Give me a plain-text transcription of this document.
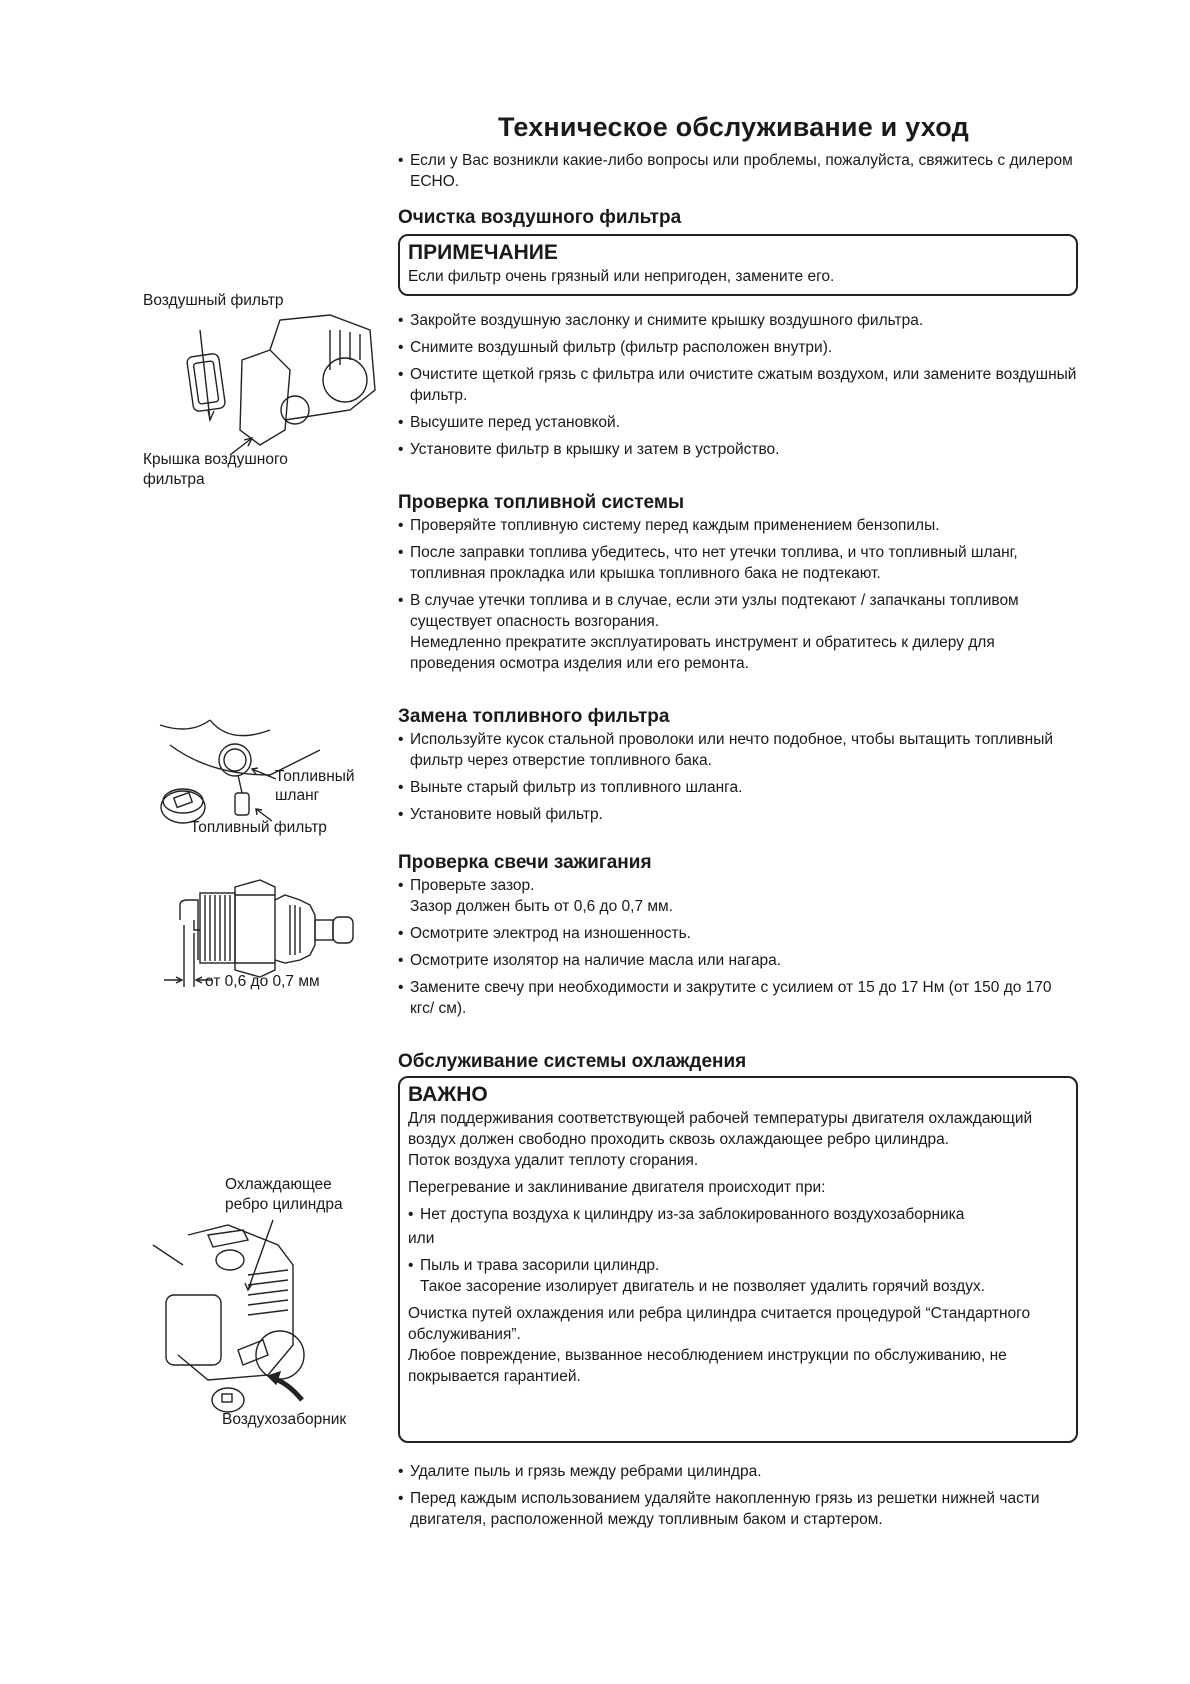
Техническое обслуживание и уход

• Если у Вас возникли какие-либо вопросы или проблемы, пожалуйста, свяжитесь с дилером ECHO.

Очистка воздушного фильтра

ПРИМЕЧАНИЕ

Если фильтр очень грязный или непригоден, замените его.

• Закройте воздушную заслонку и снимите крышку воздушного фильтра.

• Снимите воздушный фильтр (фильтр расположен внутри).

• Очистите щеткой грязь с фильтра или очистите сжатым воздухом, или замените воздушный фильтр.

• Высушите перед установкой.

• Установите фильтр в крышку и затем в устройство.

Воздушный фильтр
Крышка воздушного фильтра
Проверка топливной системы

• Проверяйте топливную систему перед каждым применением бензопилы.

• После заправки топлива убедитесь, что нет утечки топлива, и что топливный шланг, топливная прокладка или крышка топливного бака не подтекают.

• В случае утечки топлива и в случае, если эти узлы подтекают / запачканы топливом существует опасность возгорания.

Немедленно прекратите эксплуатировать инструмент и обратитесь к дилеру для проведения осмотра изделия или его ремонта.

Замена топливного фильтра

• Используйте кусок стальной проволоки или нечто подобное, чтобы вытащить топливный фильтр через отверстие топливного бака.

• Выньте старый фильтр из топливного шланга.

• Установите новый фильтр.

Топливный
шланг
Топливный фильтр
Проверка свечи зажигания

• Проверьте зазор.

Зазор должен быть от 0,6 до 0,7 мм.

• Осмотрите электрод на изношенность.

• Осмотрите изолятор на наличие масла или нагара.

• Замените свечу при необходимости и закрутите с усилием от 15 до 17 Нм (от 150 до 170 кгс/ см).

от 0,6 до 0,7 мм
Обслуживание системы охлаждения

ВАЖНО

Для поддерживания соответствующей рабочей температуры двигателя охлаждающий воздух должен свободно проходить сквозь охлаждающее ребро цилиндра.

Поток воздуха удалит теплоту сгорания.

Перегревание и заклинивание двигателя происходит при:

• Нет доступа воздуха к цилиндру из-за заблокированного воздухозаборника

или

• Пыль и трава засорили цилиндр.

Такое засорение изолирует двигатель и не позволяет удалить горячий воздух.

Очистка путей охлаждения или ребра цилиндра считается процедурой “Стандартного обслуживания”.

Любое повреждение, вызванное несоблюдением инструкции по обслуживанию, не покрывается гарантией.

• Удалите пыль и грязь между ребрами цилиндра.

• Перед каждым использованием удаляйте накопленную грязь из решетки нижней части двигателя, расположенной между топливным баком и стартером.

Охлаждающее
ребро цилиндра
Воздухозаборник
